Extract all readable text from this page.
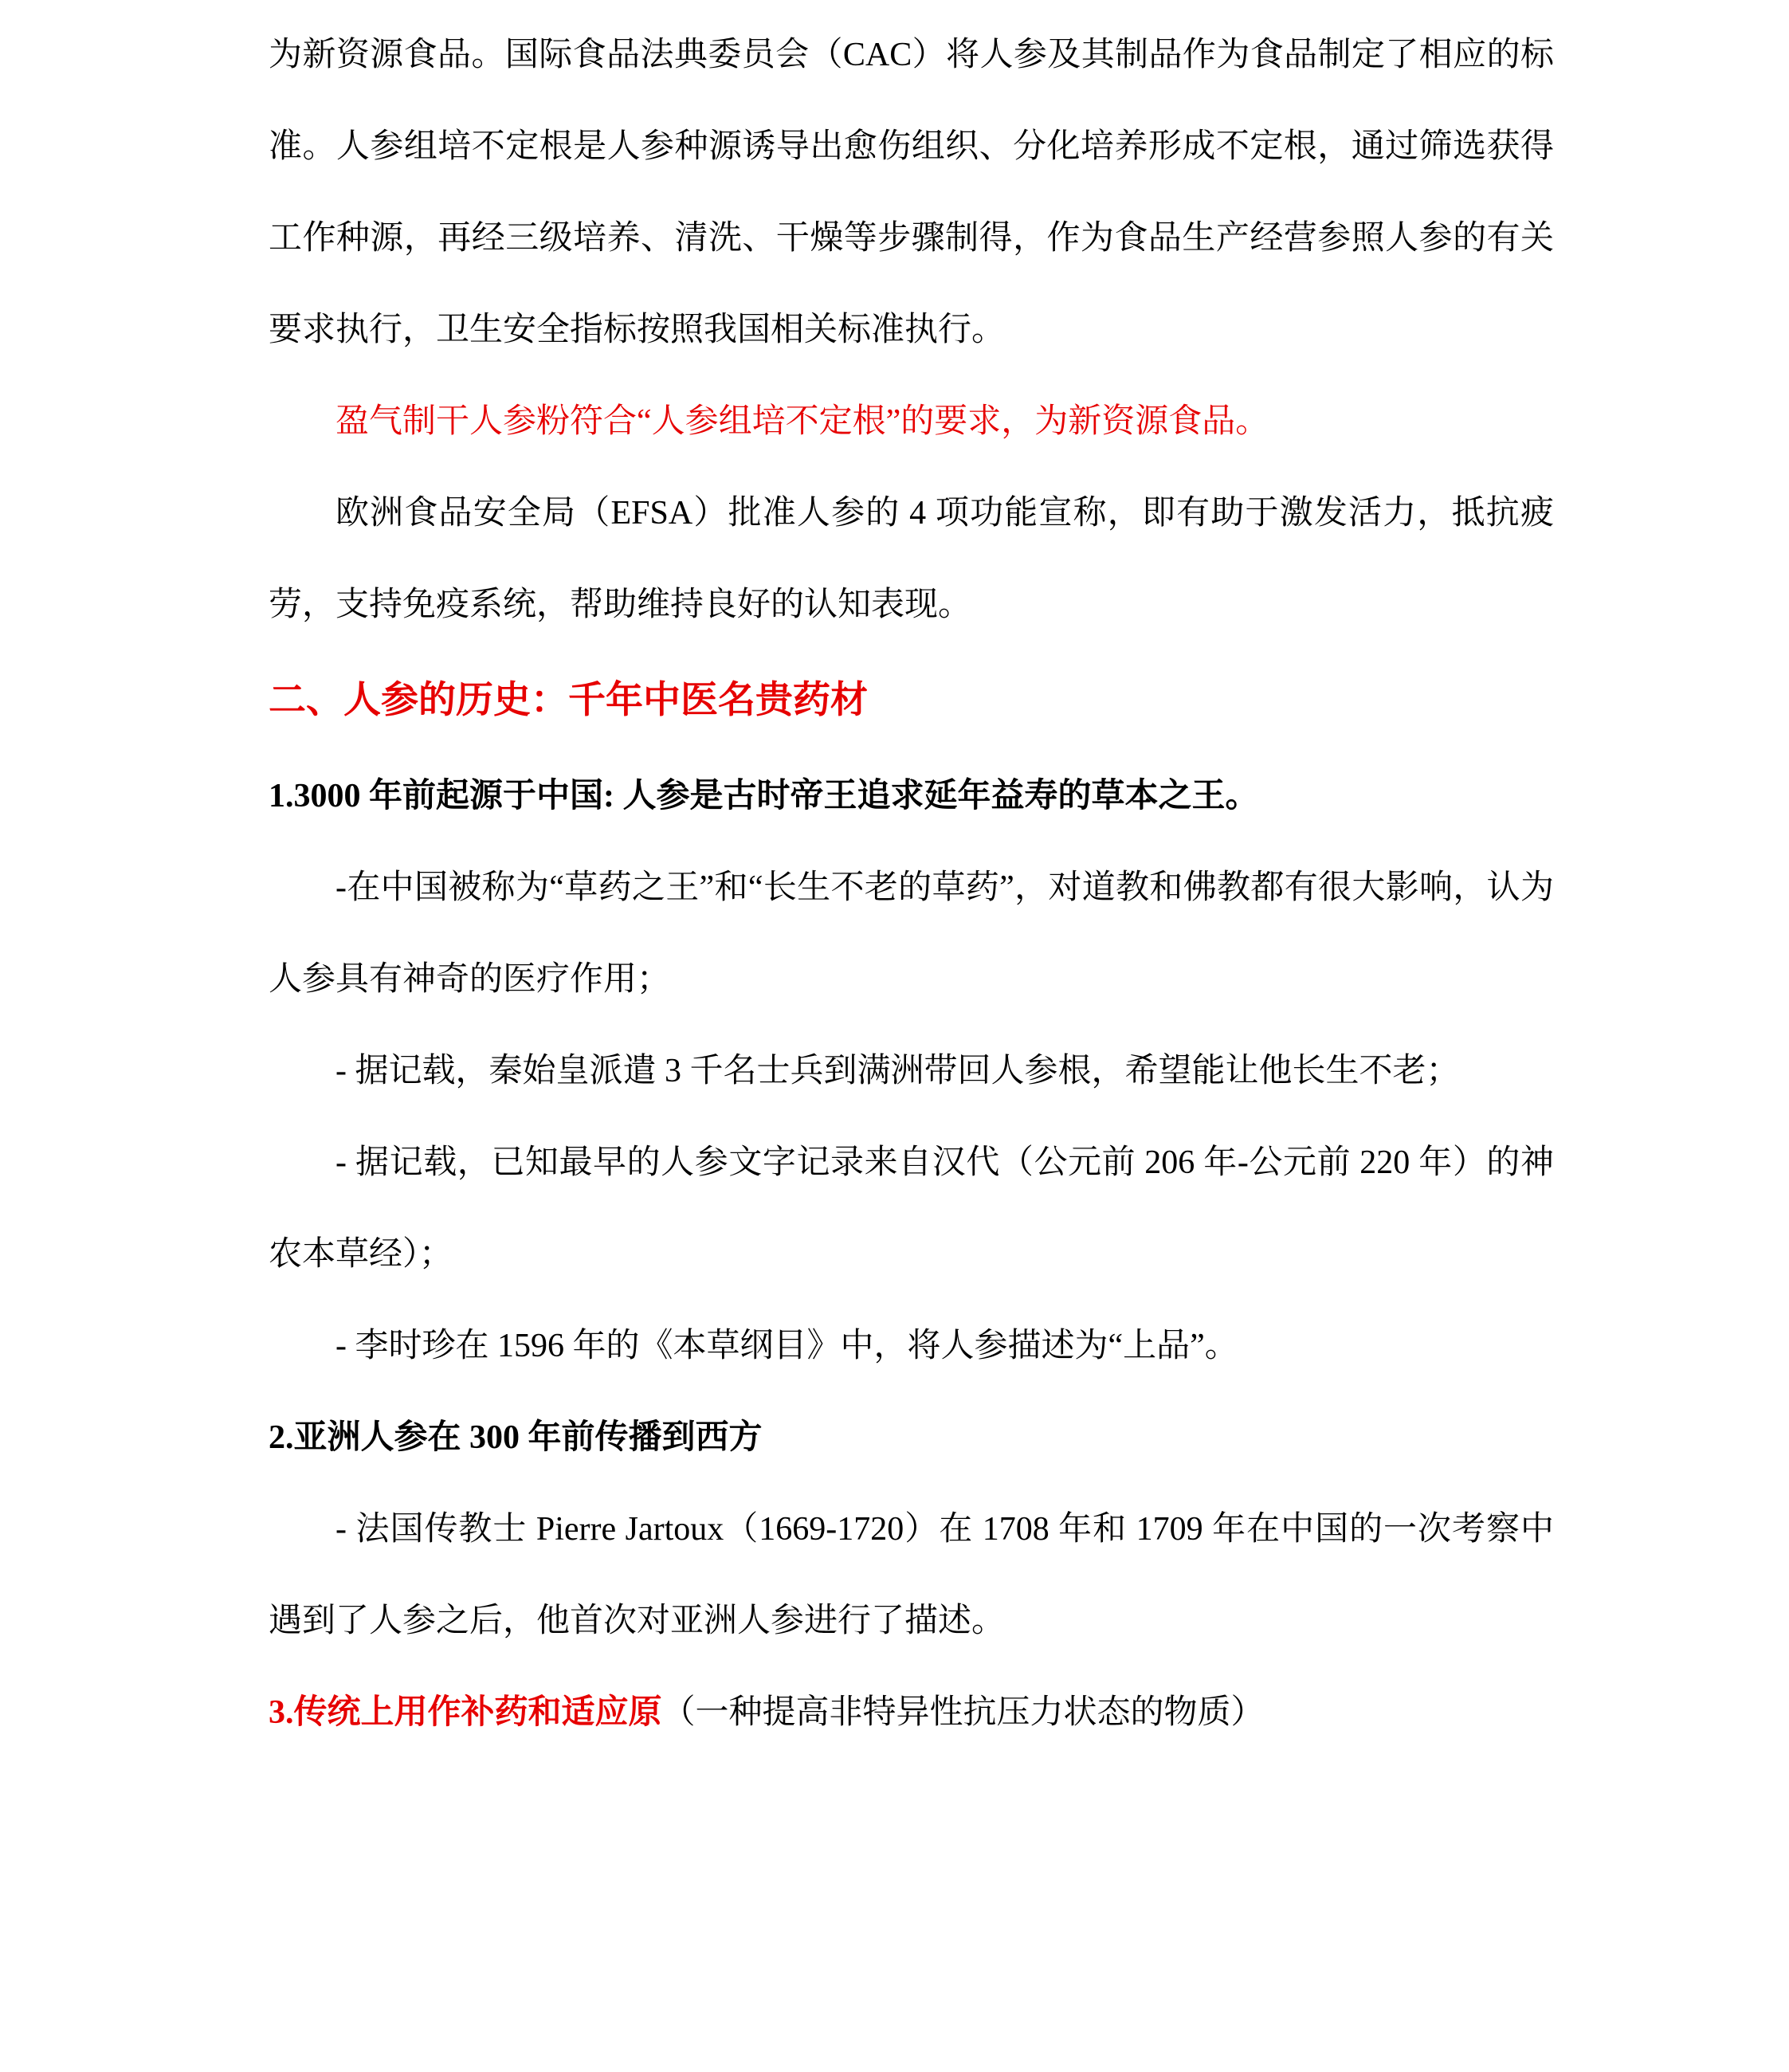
为新资源食品。国际食品法典委员会（CAC）将人参及其制品作为食品制定了相应的标准。人参组培不定根是人参种源诱导出愈伤组织、分化培养形成不定根，通过筛选获得工作种源，再经三级培养、清洗、干燥等步骤制得，作为食品生产经营参照人参的有关要求执行，卫生安全指标按照我国相关标准执行。

盈气制干人参粉符合“人参组培不定根”的要求，为新资源食品。

欧洲食品安全局（EFSA）批准人参的 4 项功能宣称，即有助于激发活力，抵抗疲劳，支持免疫系统，帮助维持良好的认知表现。

二、人参的历史：千年中医名贵药材

1.3000 年前起源于中国: 人参是古时帝王追求延年益寿的草本之王。

-在中国被称为“草药之王”和“长生不老的草药”，对道教和佛教都有很大影响，认为人参具有神奇的医疗作用；

- 据记载，秦始皇派遣 3 千名士兵到满洲带回人参根，希望能让他长生不老；

- 据记载，已知最早的人参文字记录来自汉代（公元前 206 年-公元前 220 年）的神农本草经）；

- 李时珍在 1596 年的《本草纲目》中，将人参描述为“上品”。

2.亚洲人参在 300 年前传播到西方

- 法国传教士 Pierre Jartoux（1669-1720）在 1708 年和 1709 年在中国的一次考察中遇到了人参之后，他首次对亚洲人参进行了描述。

3.传统上用作补药和适应原（一种提高非特异性抗压力状态的物质）
